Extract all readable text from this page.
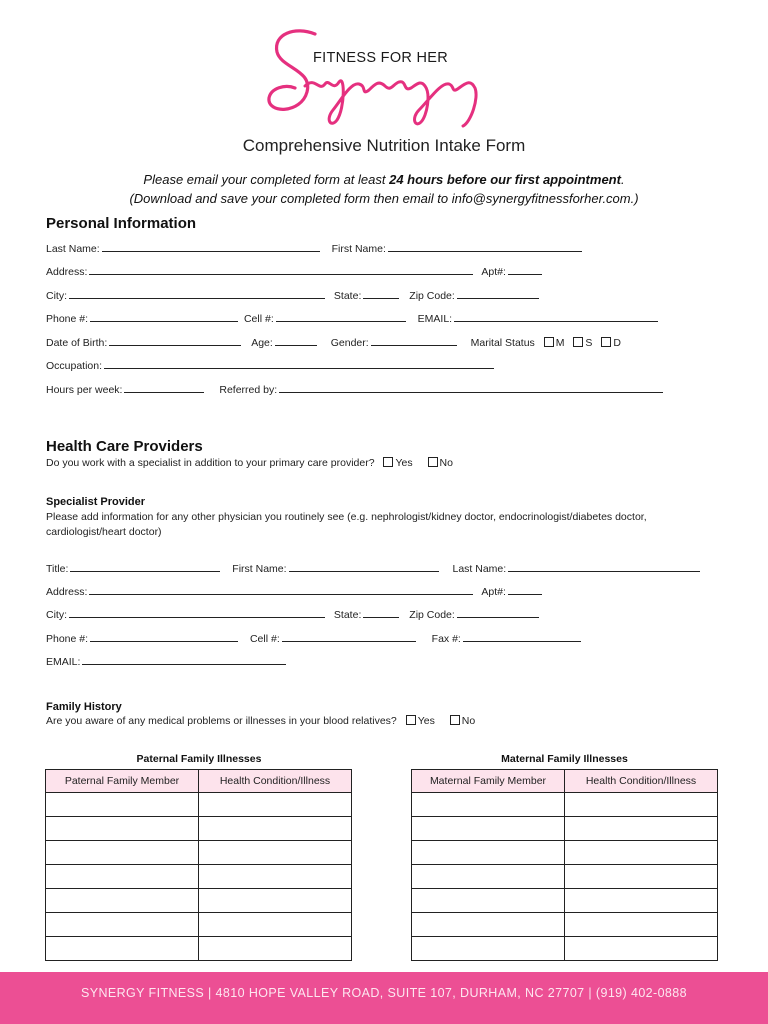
FITNESS FOR HER
Comprehensive Nutrition Intake Form
Please email your completed form at least 24 hours before our first appointment.
(Download and save your completed form then email to info@synergyfitnessforher.com.)
Personal Information
Last Name:	First Name:
Address:	Apt#:
City:	State:	Zip Code:
Phone #:	Cell #:	EMAIL:
Date of Birth:	Age:	Gender:	Marital Status M S D
Occupation:
Hours per week:	Referred by:
Health Care Providers
Do you work with a specialist in addition to your primary care provider? Yes	No
Specialist Provider
Please add information for any other physician you routinely see (e.g. nephrologist/kidney doctor, endocrinologist/diabetes doctor, cardiologist/heart doctor)
Title:	First Name:	Last Name:
Address:	Apt#:
City:	State:	Zip Code:
Phone #:	Cell #:	Fax #:
EMAIL:
Family History
Are you aware of any medical problems or illnesses in your blood relatives? Yes	No
Paternal Family Illnesses
Paternal Family Member	Health Condition/Illness

Maternal Family Illnesses
Maternal Family Member	Health Condition/Illness

SYNERGY FITNESS | 4810 HOPE VALLEY ROAD, SUITE 107, DURHAM, NC 27707 | (919) 402-0888
